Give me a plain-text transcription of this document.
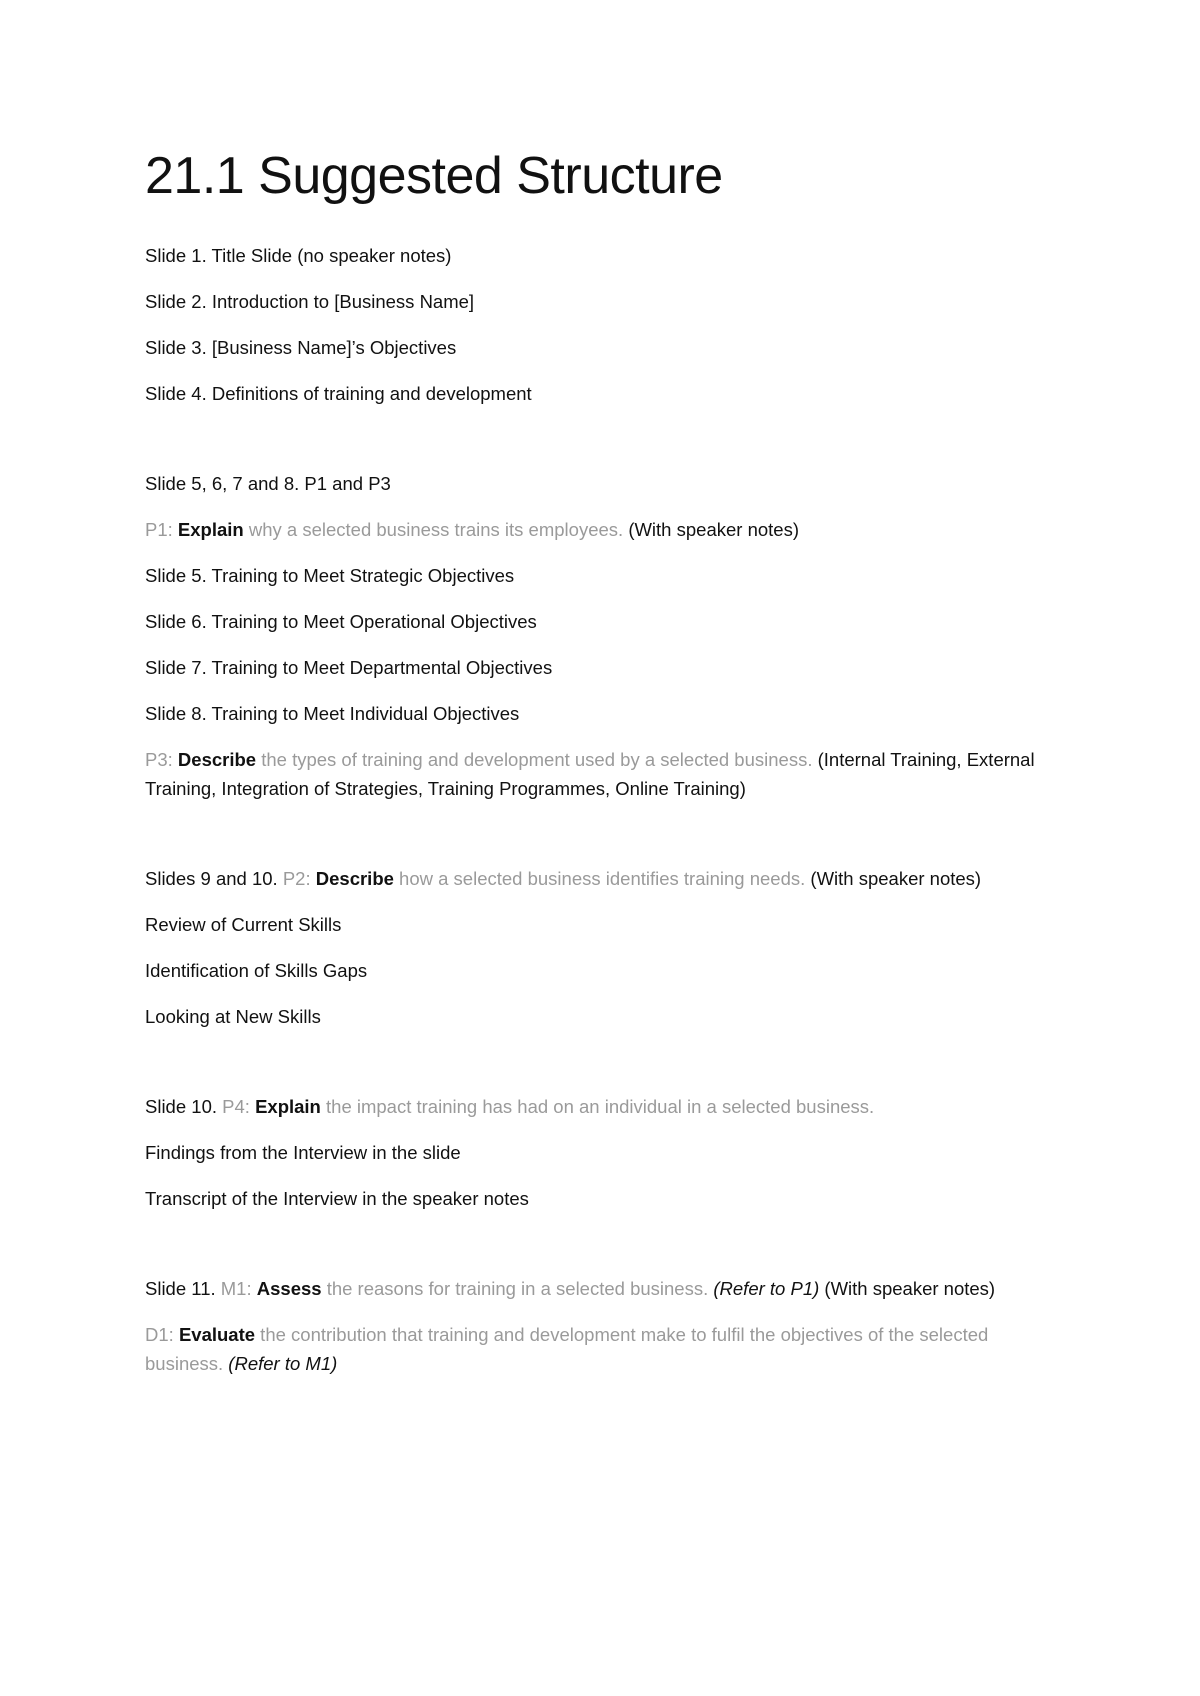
21.1 Suggested Structure

Slide 1. Title Slide (no speaker notes)

Slide 2. Introduction to [Business Name]

Slide 3. [Business Name]’s Objectives

Slide 4. Definitions of training and development

Slide 5, 6, 7 and 8. P1 and P3

P1: Explain why a selected business trains its employees. (With speaker notes)

Slide 5. Training to Meet Strategic Objectives

Slide 6. Training to Meet Operational Objectives

Slide 7. Training to Meet Departmental Objectives

Slide 8. Training to Meet Individual Objectives

P3: Describe the types of training and development used by a selected business. (Internal Training, External Training, Integration of Strategies, Training Programmes, Online Training)

Slides 9 and 10. P2: Describe how a selected business identifies training needs. (With speaker notes)

Review of Current Skills

Identification of Skills Gaps

Looking at New Skills

Slide 10. P4: Explain the impact training has had on an individual in a selected business.

Findings from the Interview in the slide

Transcript of the Interview in the speaker notes

Slide 11. M1: Assess the reasons for training in a selected business. (Refer to P1) (With speaker notes)

D1: Evaluate the contribution that training and development make to fulfil the objectives of the selected business. (Refer to M1)
